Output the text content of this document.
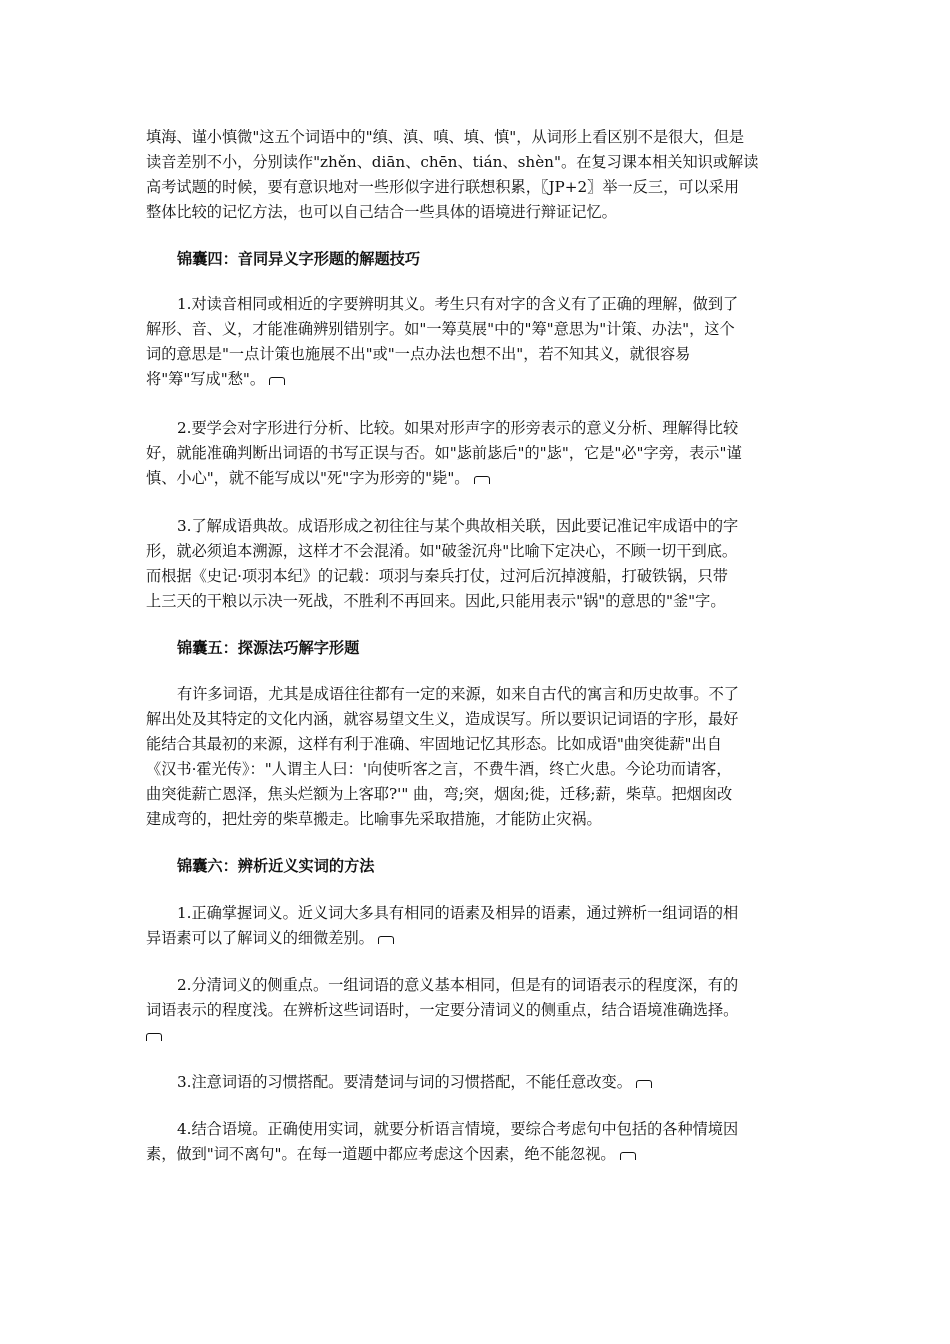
填海、谨小慎微"这五个词语中的"缜、滇、嗔、填、慎"，从词形上看区别不是很大，但是
读音差别不小，分别读作"zhěn、diān、chēn、tián、shèn"。在复习课本相关知识或解读
高考试题的时候，要有意识地对一些形似字进行联想积累，〖JP+2〗举一反三，可以采用
整体比较的记忆方法，也可以自己结合一些具体的语境进行辩证记忆。
锦囊四：音同异义字形题的解题技巧
1.对读音相同或相近的字要辨明其义。考生只有对字的含义有了正确的理解，做到了
解形、音、义，才能准确辨别错别字。如"一筹莫展"中的"筹"意思为"计策、办法"，这个
词的意思是"一点计策也施展不出"或"一点办法也想不出"，若不知其义，就很容易
将"筹"写成"愁"。
2.要学会对字形进行分析、比较。如果对形声字的形旁表示的意义分析、理解得比较
好，就能准确判断出词语的书写正误与否。如"毖前毖后"的"毖"，它是"必"字旁，表示"谨
慎、小心"，就不能写成以"死"字为形旁的"毙"。
3.了解成语典故。成语形成之初往往与某个典故相关联，因此要记准记牢成语中的字
形，就必须追本溯源，这样才不会混淆。如"破釜沉舟"比喻下定决心，不顾一切干到底。
而根据《史记·项羽本纪》的记载：项羽与秦兵打仗，过河后沉掉渡船，打破铁锅，只带
上三天的干粮以示决一死战，不胜利不再回来。因此,只能用表示"锅"的意思的"釜"字。
锦囊五：探源法巧解字形题
有许多词语，尤其是成语往往都有一定的来源，如来自古代的寓言和历史故事。不了
解出处及其特定的文化内涵，就容易望文生义，造成误写。所以要识记词语的字形，最好
能结合其最初的来源，这样有利于准确、牢固地记忆其形态。比如成语"曲突徙薪"出自
《汉书·霍光传》："人谓主人曰：'向使听客之言，不费牛酒，终亡火患。今论功而请客，
曲突徙薪亡恩泽，焦头烂额为上客耶?'" 曲，弯;突，烟囱;徙，迁移;薪，柴草。把烟囱改
建成弯的，把灶旁的柴草搬走。比喻事先采取措施，才能防止灾祸。
锦囊六：辨析近义实词的方法
1.正确掌握词义。近义词大多具有相同的语素及相异的语素，通过辨析一组词语的相
异语素可以了解词义的细微差别。
2.分清词义的侧重点。一组词语的意义基本相同，但是有的词语表示的程度深，有的
词语表示的程度浅。在辨析这些词语时，一定要分清词义的侧重点，结合语境准确选择。
3.注意词语的习惯搭配。要清楚词与词的习惯搭配，不能任意改变。
4.结合语境。正确使用实词，就要分析语言情境，要综合考虑句中包括的各种情境因
素，做到"词不离句"。在每一道题中都应考虑这个因素，绝不能忽视。
